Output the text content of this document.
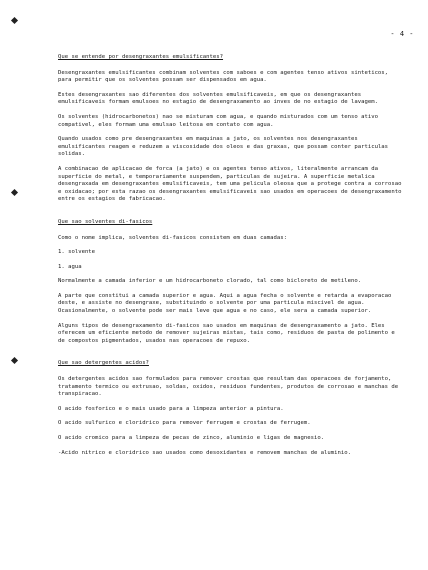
- 4 -
Que se entende por desengraxantes emulsificantes?
Desengraxantes emulsificantes combinam solventes com saboes e com agentes tenso ativos sinteticos, para permitir que os solventes possam ser dispensados em agua.
Estes desengraxantes sao diferentes dos solventes emulsificaveis, em que os desengraxantes emulsificaveis formam emulsoes no estagio de desengraxamento ao inves de no estagio de lavagem.
Os solventes (hidrocarbonetos) nao se misturam com agua, e quando misturados com um tenso ativo compativel, eles formam uma emulsao leitosa em contato com agua.
Quando usados como pre desengraxantes em maquinas a jato, os solventes nos desengraxantes emulsificantes reagem e reduzem a viscosidade dos oleos e das graxas, que possam conter particulas solidas.
A combinacao de aplicacao de forca (a jato) e os agentes tenso ativos, literalmente arrancam da superficie do metal, e temporariamente suspendem, particulas de sujeira. A superficie metalica desengraxada em desengraxantes emulsificaveis, tem uma pelicula oleosa que a protege contra a corrosao e oxidacao; por esta razao os desengraxantes emulsificaveis sao usados em operacoes de desengraxamento entre os estagios de fabricacao.
Que sao solventes di-fasicos
Como o nome implica, solventes di-fasicos consistem em duas camadas:
1. solvente
1. agua
Normalmente a camada inferior e um hidrocarboneto clorado, tal como bicloreto de metileno.
A parte que constitui a camada superior e agua. Aqui a agua fecha o solvente e retarda a evaporacao deste, e assiste no desengraxe, substituindo o solvente por uma particula miscivel de agua. Ocasionalmente, o solvente pode ser mais leve que agua e no caso, ele sera a camada superior.
Alguns tipos de desengraxamento di-fasicos sao usados em maquinas de desengraxamento a jato. Eles oferecem um eficiente metodo de remover sujeiras mistas, tais como, residuos de pasta de polimento e de compostos pigmentados, usados nas operacoes de repuxo.
Que sao detergentes acidos?
Os detergentes acidos sao formulados para remover crostas que resultam das operacoes de forjamento, tratamento termico ou extrusao, soldas, oxidos, residuos fundentes, produtos de corrosao e manchas de transpiracao.
O acido fosforico e o mais usado para a limpeza anterior a pintura.
O acido sulfurico e cloridrico para remover ferrugem e crostas de ferrugem.
O acido cromico para a limpeza de pecas de zinco, aluminio e ligas de magnesio.
-Acido nitrico e cloridrico sao usados como desoxidantes e removem manchas de aluminio.
